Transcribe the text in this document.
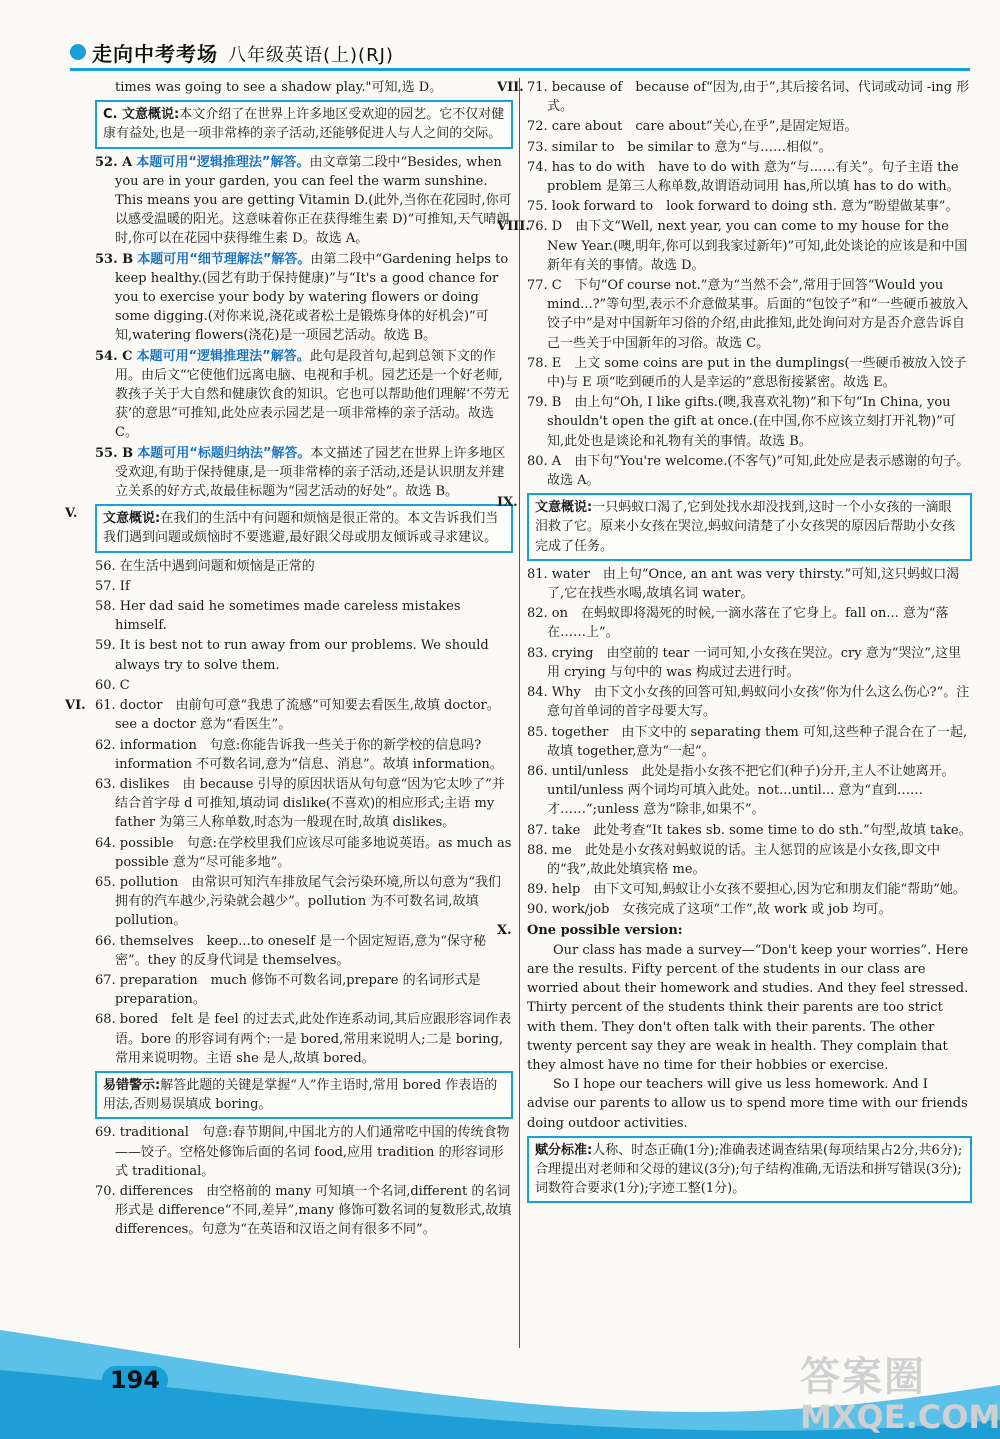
走向中考考场 八年级英语(上)(RJ)

times was going to see a shadow play."可知,选 D。

C. 文意概说:本文介绍了在世界上许多地区受欢迎的园艺。它不仅对健康有益处,也是一项非常棒的亲子活动,还能够促进人与人之间的交际。

52. A 本题可用“逻辑推理法”解答。由文章第二段中“Besides, when you are in your garden, you can feel the warm sunshine. This means you are getting Vitamin D.(此外,当你在花园时,你可以感受温暖的阳光。这意味着你正在获得维生素 D)”可推知,天气晴朗时,你可以在花园中获得维生素 D。故选 A。

53. B 本题可用“细节理解法”解答。由第二段中“Gardening helps to keep healthy.(园艺有助于保持健康)”与“It's a good chance for you to exercise your body by watering flowers or doing some digging.(对你来说,浇花或者松土是锻炼身体的好机会)”可知,watering flowers(浇花)是一项园艺活动。故选 B。

54. C 本题可用“逻辑推理法”解答。此句是段首句,起到总领下文的作用。由后文“它使他们远离电脑、电视和手机。园艺还是一个好老师,教孩子关于大自然和健康饮食的知识。它也可以帮助他们理解‘不劳无获’的意思”可推知,此处应表示园艺是一项非常棒的亲子活动。故选 C。

55. B 本题可用“标题归纳法”解答。本文描述了园艺在世界上许多地区受欢迎,有助于保持健康,是一项非常棒的亲子活动,还是认识朋友并建立关系的好方式,故最佳标题为“园艺活动的好处”。故选 B。

V.	文意概说:在我们的生活中有问题和烦恼是很正常的。本文告诉我们当我们遇到问题或烦恼时不要逃避,最好跟父母或朋友倾诉或寻求建议。

56. 在生活中遇到问题和烦恼是正常的

57. If

58. Her dad said he sometimes made careless mistakes himself.

59. It is best not to run away from our problems. We should always try to solve them.

60. C

VI. 61. doctor　由前句可意“我患了流感”可知要去看医生,故填 doctor。see a doctor 意为“看医生”。

62. information　句意:你能告诉我一些关于你的新学校的信息吗? information 不可数名词,意为“信息、消息”。故填 information。

63. dislikes　由 because 引导的原因状语从句句意“因为它太吵了”并结合首字母 d 可推知,填动词 dislike(不喜欢)的相应形式;主语 my father 为第三人称单数,时态为一般现在时,故填 dislikes。

64. possible　句意:在学校里我们应该尽可能多地说英语。as much as possible 意为“尽可能多地”。

65. pollution　由常识可知汽车排放尾气会污染环境,所以句意为“我们拥有的汽车越少,污染就会越少”。pollution 为不可数名词,故填 pollution。

66. themselves　keep...to oneself 是一个固定短语,意为“保守秘密”。they 的反身代词是 themselves。

67. preparation　much 修饰不可数名词,prepare 的名词形式是 preparation。

68. bored　felt 是 feel 的过去式,此处作连系动词,其后应跟形容词作表语。bore 的形容词有两个:一是 bored,常用来说明人;二是 boring,常用来说明物。主语 she 是人,故填 bored。

易错警示:解答此题的关键是掌握“人”作主语时,常用 bored 作表语的用法,否则易误填成 boring。

69. traditional　句意:春节期间,中国北方的人们通常吃中国的传统食物——饺子。空格处修饰后面的名词 food,应用 tradition 的形容词形式 traditional。

70. differences　由空格前的 many 可知填一个名词,different 的名词形式是 difference“不同,差异”,many 修饰可数名词的复数形式,故填 differences。句意为“在英语和汉语之间有很多不同”。

VII. 71. because of　because of“因为,由于”,其后接名词、代词或动词 -ing 形式。

72. care about　care about“关心,在乎”,是固定短语。

73. similar to　be similar to 意为“与……相似”。

74. has to do with　have to do with 意为“与……有关”。句子主语 the problem 是第三人称单数,故谓语动词用 has,所以填 has to do with。

75. look forward to　look forward to doing sth. 意为“盼望做某事”。

VIII.

76. D　由下文“Well, next year, you can come to my house for the New Year.(噢,明年,你可以到我家过新年)”可知,此处谈论的应该是和中国新年有关的事情。故选 D。

77. C　下句“Of course not.”意为“当然不会”,常用于回答“Would you mind...?”等句型,表示不介意做某事。后面的“包饺子”和“一些硬币被放入饺子中”是对中国新年习俗的介绍,由此推知,此处询问对方是否介意告诉自己一些关于中国新年的习俗。故选 C。

78. E　上文 some coins are put in the dumplings(一些硬币被放入饺子中)与 E 项“吃到硬币的人是幸运的”意思衔接紧密。故选 E。

79. B　由上句“Oh, I like gifts.(噢,我喜欢礼物)”和下句“In China, you shouldn't open the gift at once.(在中国,你不应该立刻打开礼物)”可知,此处也是谈论和礼物有关的事情。故选 B。

80. A　由下句“You're welcome.(不客气)”可知,此处应是表示感谢的句子。故选 A。

IX.	文意概说:一只蚂蚁口渴了,它到处找水却没找到,这时一个小女孩的一滴眼泪救了它。原来小女孩在哭泣,蚂蚁问清楚了小女孩哭的原因后帮助小女孩完成了任务。

81. water　由上句“Once, an ant was very thirsty.”可知,这只蚂蚁口渴了,它在找些水喝,故填名词 water。

82. on　在蚂蚁即将渴死的时候,一滴水落在了它身上。fall on... 意为“落在……上”。

83. crying　由空前的 tear 一词可知,小女孩在哭泣。cry 意为“哭泣”,这里用 crying 与句中的 was 构成过去进行时。

84. Why　由下文小女孩的回答可知,蚂蚁问小女孩“你为什么这么伤心?”。注意句首单词的首字母要大写。

85. together　由下文中的 separating them 可知,这些种子混合在了一起,故填 together,意为“一起”。

86. until/unless　此处是指小女孩不把它们(种子)分开,主人不让她离开。until/unless 两个词均可填入此处。not...until... 意为“直到……才……”;unless 意为“除非,如果不”。

87. take　此处考查“It takes sb. some time to do sth.”句型,故填 take。

88. me　此处是小女孩对蚂蚁说的话。主人惩罚的应该是小女孩,即文中的“我”,故此处填宾格 me。

89. help　由下文可知,蚂蚁让小女孩不要担心,因为它和朋友们能“帮助”她。

90. work/job　女孩完成了这项“工作”,故 work 或 job 均可。

X. One possible version:

Our class has made a survey—“Don't keep your worries”. Here are the results. Fifty percent of the students in our class are worried about their homework and studies. And they feel stressed. Thirty percent of the students think their parents are too strict with them. They don't often talk with their parents. The other twenty percent say they are weak in health. They complain that they almost have no time for their hobbies or exercise.

So I hope our teachers will give us less homework. And I advise our parents to allow us to spend more time with our friends doing outdoor activities.

赋分标准:人称、时态正确(1分);准确表述调查结果(每项结果占2分,共6分);合理提出对老师和父母的建议(3分);句子结构准确,无语法和拼写错误(3分);词数符合要求(1分);字迹工整(1分)。
194	答案圈
MXQE.COM
